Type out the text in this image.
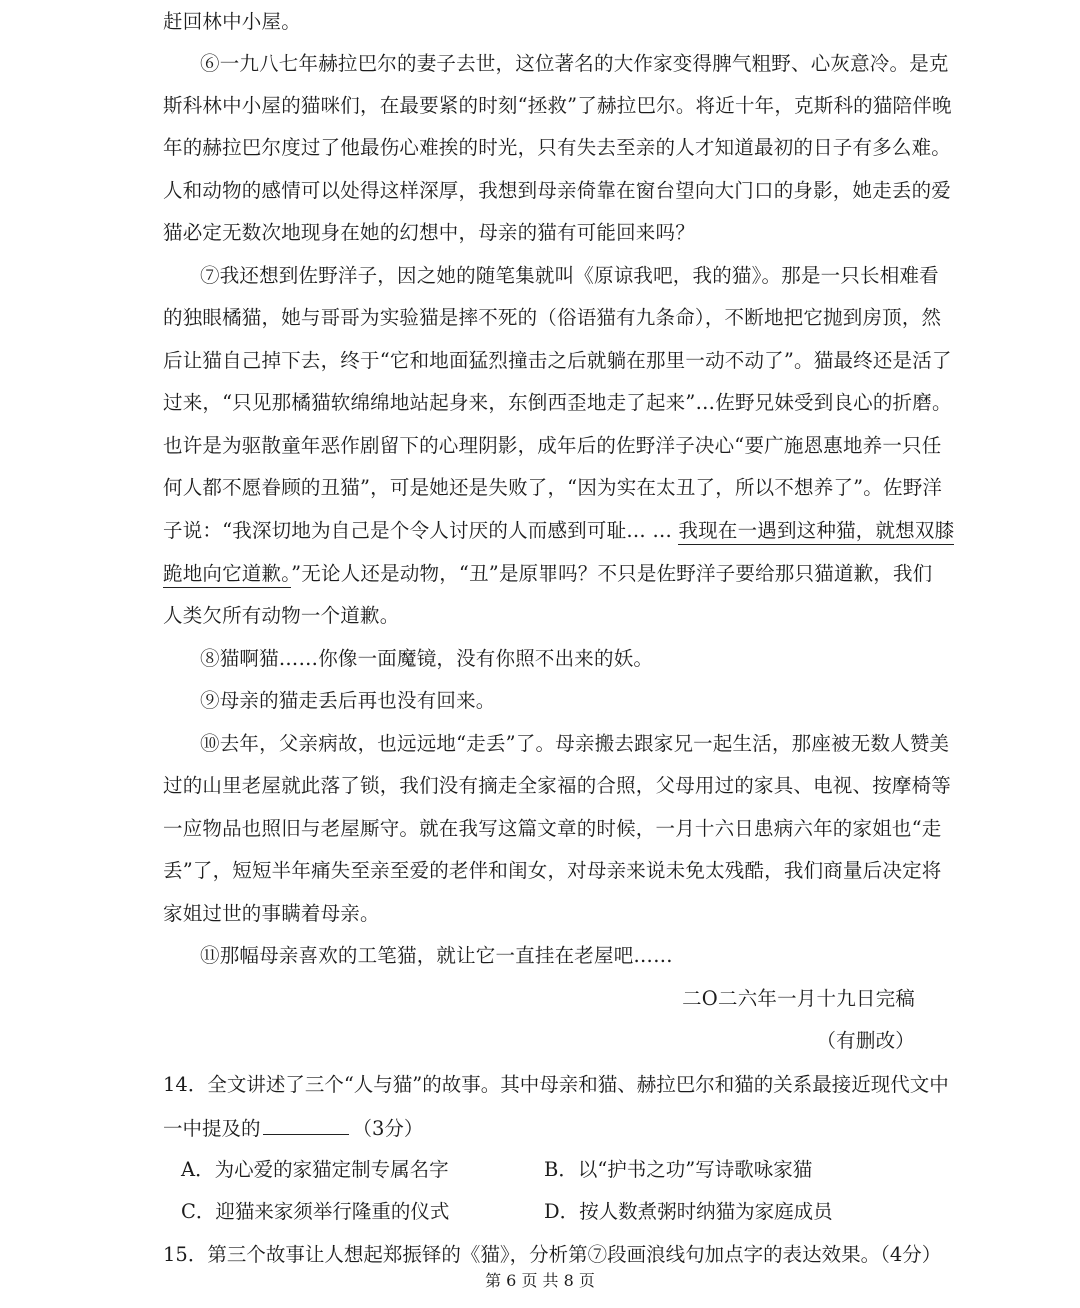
赶回林中小屋。
⑥一九八七年赫拉巴尔的妻子去世，这位著名的大作家变得脾气粗野、心灰意冷。是克
斯科林中小屋的猫咪们，在最要紧的时刻“拯救”了赫拉巴尔。将近十年，克斯科的猫陪伴晚
年的赫拉巴尔度过了他最伤心难挨的时光，只有失去至亲的人才知道最初的日子有多么难。
人和动物的感情可以处得这样深厚，我想到母亲倚靠在窗台望向大门口的身影，她走丢的爱
猫必定无数次地现身在她的幻想中，母亲的猫有可能回来吗？
⑦我还想到佐野洋子，因之她的随笔集就叫《原谅我吧，我的猫》。那是一只长相难看
的独眼橘猫，她与哥哥为实验猫是摔不死的（俗语猫有九条命），不断地把它抛到房顶，然
后让猫自己掉下去，终于“它和地面猛烈撞击之后就躺在那里一动不动了”。猫最终还是活了
过来，“只见那橘猫软绵绵地站起身来，东倒西歪地走了起来”…佐野兄妹受到良心的折磨。
也许是为驱散童年恶作剧留下的心理阴影，成年后的佐野洋子决心“要广施恩惠地养一只任
何人都不愿眷顾的丑猫”，可是她还是失败了，“因为实在太丑了，所以不想养了”。佐野洋
子说：“我深切地为自己是个令人讨厌的人而感到可耻… … 我现在一遇到这种猫，就想双膝
跪地向它道歉。”无论人还是动物，“丑”是原罪吗？不只是佐野洋子要给那只猫道歉，我们
人类欠所有动物一个道歉。
⑧猫啊猫……你像一面魔镜，没有你照不出来的妖。
⑨母亲的猫走丢后再也没有回来。
⑩去年，父亲病故，也远远地“走丢”了。母亲搬去跟家兄一起生活，那座被无数人赞美
过的山里老屋就此落了锁，我们没有摘走全家福的合照，父母用过的家具、电视、按摩椅等
一应物品也照旧与老屋厮守。就在我写这篇文章的时候，一月十六日患病六年的家姐也“走
丢”了，短短半年痛失至亲至爱的老伴和闺女，对母亲来说未免太残酷，我们商量后决定将
家姐过世的事瞒着母亲。
⑪那幅母亲喜欢的工笔猫，就让它一直挂在老屋吧……
二O二六年一月十九日完稿
（有删改）
14．全文讲述了三个“人与猫”的故事。其中母亲和猫、赫拉巴尔和猫的关系最接近现代文中
一中提及的	（3分）
A．为心爱的家猫定制专属名字	B．以“护书之功”写诗歌咏家猫
C．迎猫来家须举行隆重的仪式	D．按人数煮粥时纳猫为家庭成员
15．第三个故事让人想起郑振铎的《猫》，分析第⑦段画浪线句加点字的表达效果。（4分）
第 6 页 共 8 页
